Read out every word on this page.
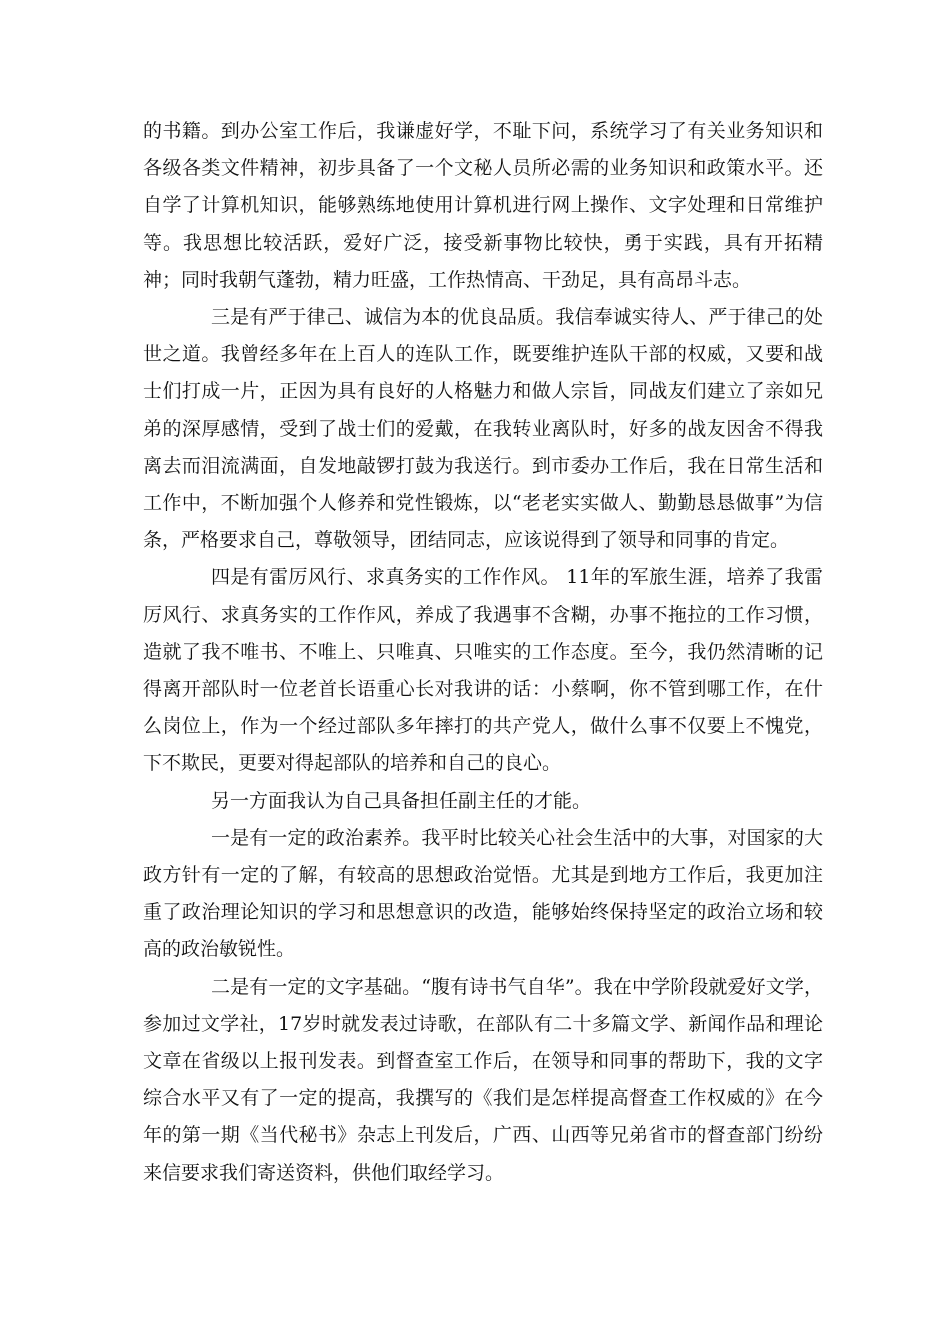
的书籍。到办公室工作后，我谦虚好学，不耻下问，系统学习了有关业务知识和各级各类文件精神，初步具备了一个文秘人员所必需的业务知识和政策水平。还自学了计算机知识，能够熟练地使用计算机进行网上操作、文字处理和日常维护等。我思想比较活跃，爱好广泛，接受新事物比较快，勇于实践，具有开拓精神；同时我朝气蓬勃，精力旺盛，工作热情高、干劲足，具有高昂斗志。

三是有严于律己、诚信为本的优良品质。我信奉诚实待人、严于律己的处世之道。我曾经多年在上百人的连队工作，既要维护连队干部的权威，又要和战士们打成一片，正因为具有良好的人格魅力和做人宗旨，同战友们建立了亲如兄弟的深厚感情，受到了战士们的爱戴，在我转业离队时，好多的战友因舍不得我离去而泪流满面，自发地敲锣打鼓为我送行。到市委办工作后，我在日常生活和工作中，不断加强个人修养和党性锻炼，以“老老实实做人、勤勤恳恳做事”为信条，严格要求自己，尊敬领导，团结同志，应该说得到了领导和同事的肯定。

四是有雷厉风行、求真务实的工作作风。 11年的军旅生涯，培养了我雷厉风行、求真务实的工作作风，养成了我遇事不含糊，办事不拖拉的工作习惯，造就了我不唯书、不唯上、只唯真、只唯实的工作态度。至今，我仍然清晰的记得离开部队时一位老首长语重心长对我讲的话：小蔡啊，你不管到哪工作，在什么岗位上，作为一个经过部队多年摔打的共产党人，做什么事不仅要上不愧党， 下不欺民，更要对得起部队的培养和自己的良心。

另一方面我认为自己具备担任副主任的才能。

一是有一定的政治素养。我平时比较关心社会生活中的大事，对国家的大政方针有一定的了解，有较高的思想政治觉悟。尤其是到地方工作后，我更加注重了政治理论知识的学习和思想意识的改造，能够始终保持坚定的政治立场和较高的政治敏锐性。

二是有一定的文字基础。“腹有诗书气自华”。我在中学阶段就爱好文学，参加过文学社，17岁时就发表过诗歌，在部队有二十多篇文学、新闻作品和理论文章在省级以上报刊发表。到督查室工作后，在领导和同事的帮助下，我的文字综合水平又有了一定的提高，我撰写的《我们是怎样提高督查工作权威的》在今年的第一期《当代秘书》杂志上刊发后，广西、山西等兄弟省市的督查部门纷纷来信要求我们寄送资料，供他们取经学习。
